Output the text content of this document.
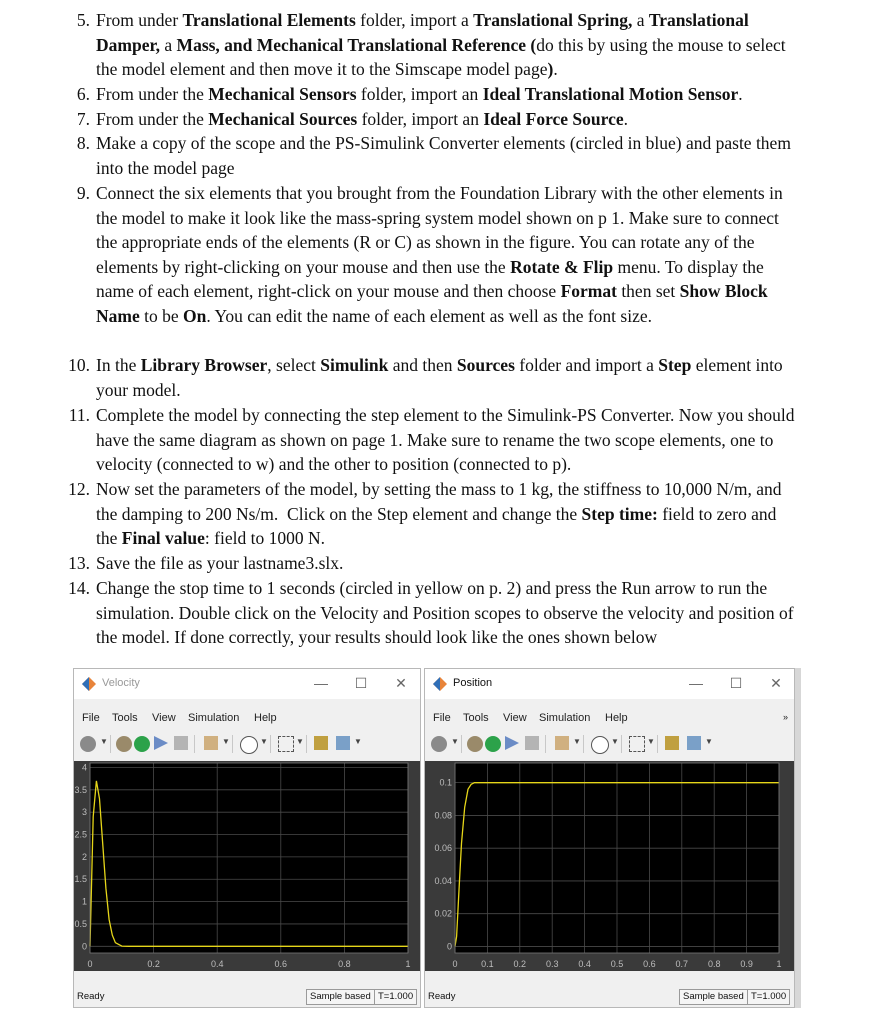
5. From under Translational Elements folder, import a Translational Spring, a Translational Damper, a Mass, and Mechanical Translational Reference (do this by using the mouse to select the model element and then move it to the Simscape model page).
6. From under the Mechanical Sensors folder, import an Ideal Translational Motion Sensor.
7. From under the Mechanical Sources folder, import an Ideal Force Source.
8. Make a copy of the scope and the PS-Simulink Converter elements (circled in blue) and paste them into the model page
9. Connect the six elements that you brought from the Foundation Library with the other elements in the model to make it look like the mass-spring system model shown on p 1. Make sure to connect the appropriate ends of the elements (R or C) as shown in the figure. You can rotate any of the elements by right-clicking on your mouse and then use the Rotate & Flip menu. To display the name of each element, right-click on your mouse and then choose Format then set Show Block Name to be On. You can edit the name of each element as well as the font size.
10. In the Library Browser, select Simulink and then Sources folder and import a Step element into your model.
11. Complete the model by connecting the step element to the Simulink-PS Converter. Now you should have the same diagram as shown on page 1. Make sure to rename the two scope elements, one to velocity (connected to w) and the other to position (connected to p).
12. Now set the parameters of the model, by setting the mass to 1 kg, the stiffness to 10,000 N/m, and the damping to 200 Ns/m.  Click on the Step element and change the Step time: field to zero and the Final value: field to 1000 N.
13. Save the file as your lastname3.slx.
14. Change the stop time to 1 seconds (circled in yellow on p. 2) and press the Run arrow to run the simulation. Double click on the Velocity and Position scopes to observe the velocity and position of the model. If done correctly, your results should look like the ones shown below
Velocity	—	☐	✕
File Tools View Simulation Help
▼	▼	▼	▼	▼
0	0.2	0.4	0.6	0.8	1
0
0.5
1
1.5
2
2.5
3
3.5
4
Ready	Sample based T=1.000
Position	—	☐	✕
File Tools View Simulation Help	»
▼	▼	▼	▼	▼
0	0.1 0.2 0.3 0.4 0.5 0.6 0.7 0.8 0.9	1
0
0.02
0.04
0.06
0.08
0.1
Ready	Sample based T=1.000
